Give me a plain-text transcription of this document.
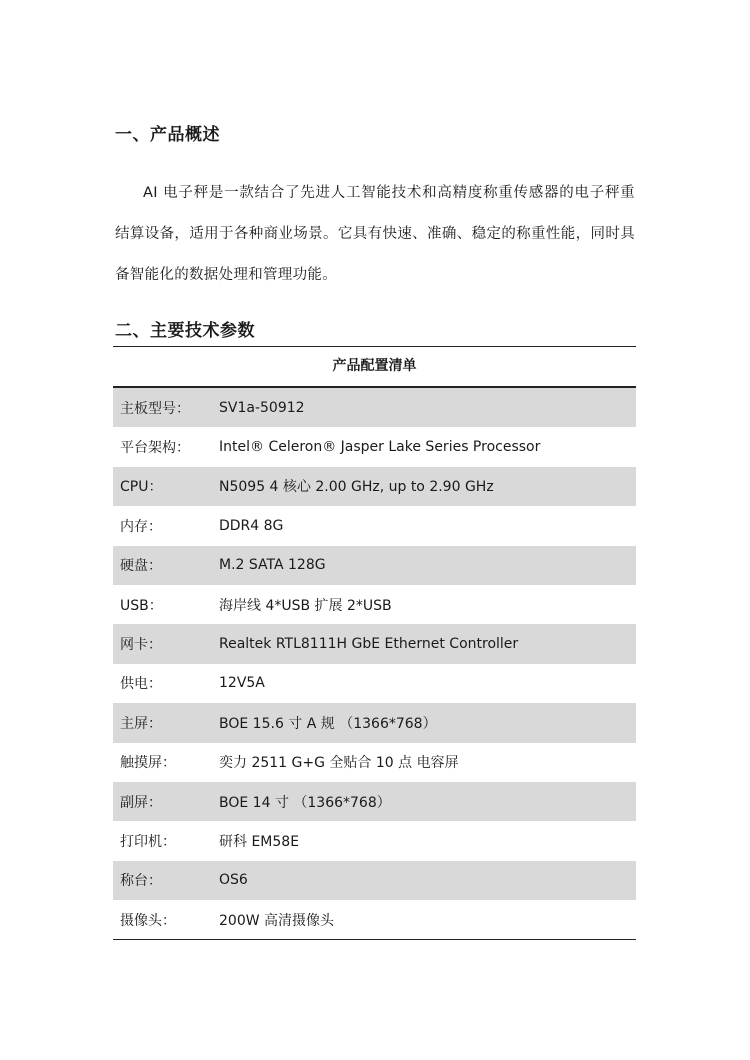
一、产品概述
AI 电子秤是一款结合了先进人工智能技术和高精度称重传感器的电子秤重结算设备，适用于各种商业场景。它具有快速、准确、稳定的称重性能，同时具备智能化的数据处理和管理功能。
二、主要技术参数
产品配置清单
主板型号：	SV1a-50912
平台架构：	Intel® Celeron® Jasper Lake Series Processor
CPU：	N5095 4 核心 2.00 GHz, up to 2.90 GHz
内存：	DDR4 8G
硬盘：	M.2 SATA 128G
USB：	海岸线 4*USB 扩展 2*USB
网卡：	Realtek RTL8111H GbE Ethernet Controller
供电：	12V5A
主屏：	BOE 15.6 寸 A 规 （1366*768）
触摸屏：	奕力 2511 G+G 全贴合 10 点 电容屏
副屏：	BOE 14 寸 （1366*768）
打印机：	研科 EM58E
称台：	OS6
摄像头：	200W 高清摄像头
